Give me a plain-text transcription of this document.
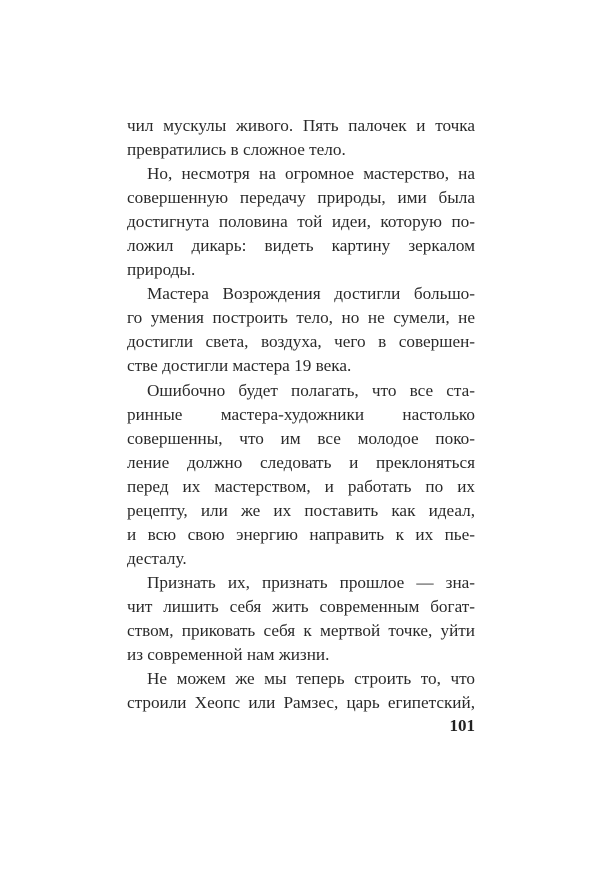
чил мускулы живого. Пять палочек и точка
превратились в сложное тело.
Но, несмотря на огромное мастерство, на
совершенную передачу природы, ими была
достигнута половина той идеи, которую по-
ложил дикарь: видеть картину зеркалом
природы.
Мастера Возрождения достигли большо-
го умения построить тело, но не сумели, не
достигли света, воздуха, чего в совершен-
стве достигли мастера 19 века.
Ошибочно будет полагать, что все ста-
ринные мастера-художники настолько
совершенны, что им все молодое поко-
ление должно следовать и преклоняться
перед их мастерством, и работать по их
рецепту, или же их поставить как идеал,
и всю свою энергию направить к их пье-
десталу.
Признать их, признать прошлое — зна-
чит лишить себя жить современным богат-
ством, приковать себя к мертвой точке, уйти
из современной нам жизни.
Не можем же мы теперь строить то, что
строили Хеопс или Рамзес, царь египетский,
101
